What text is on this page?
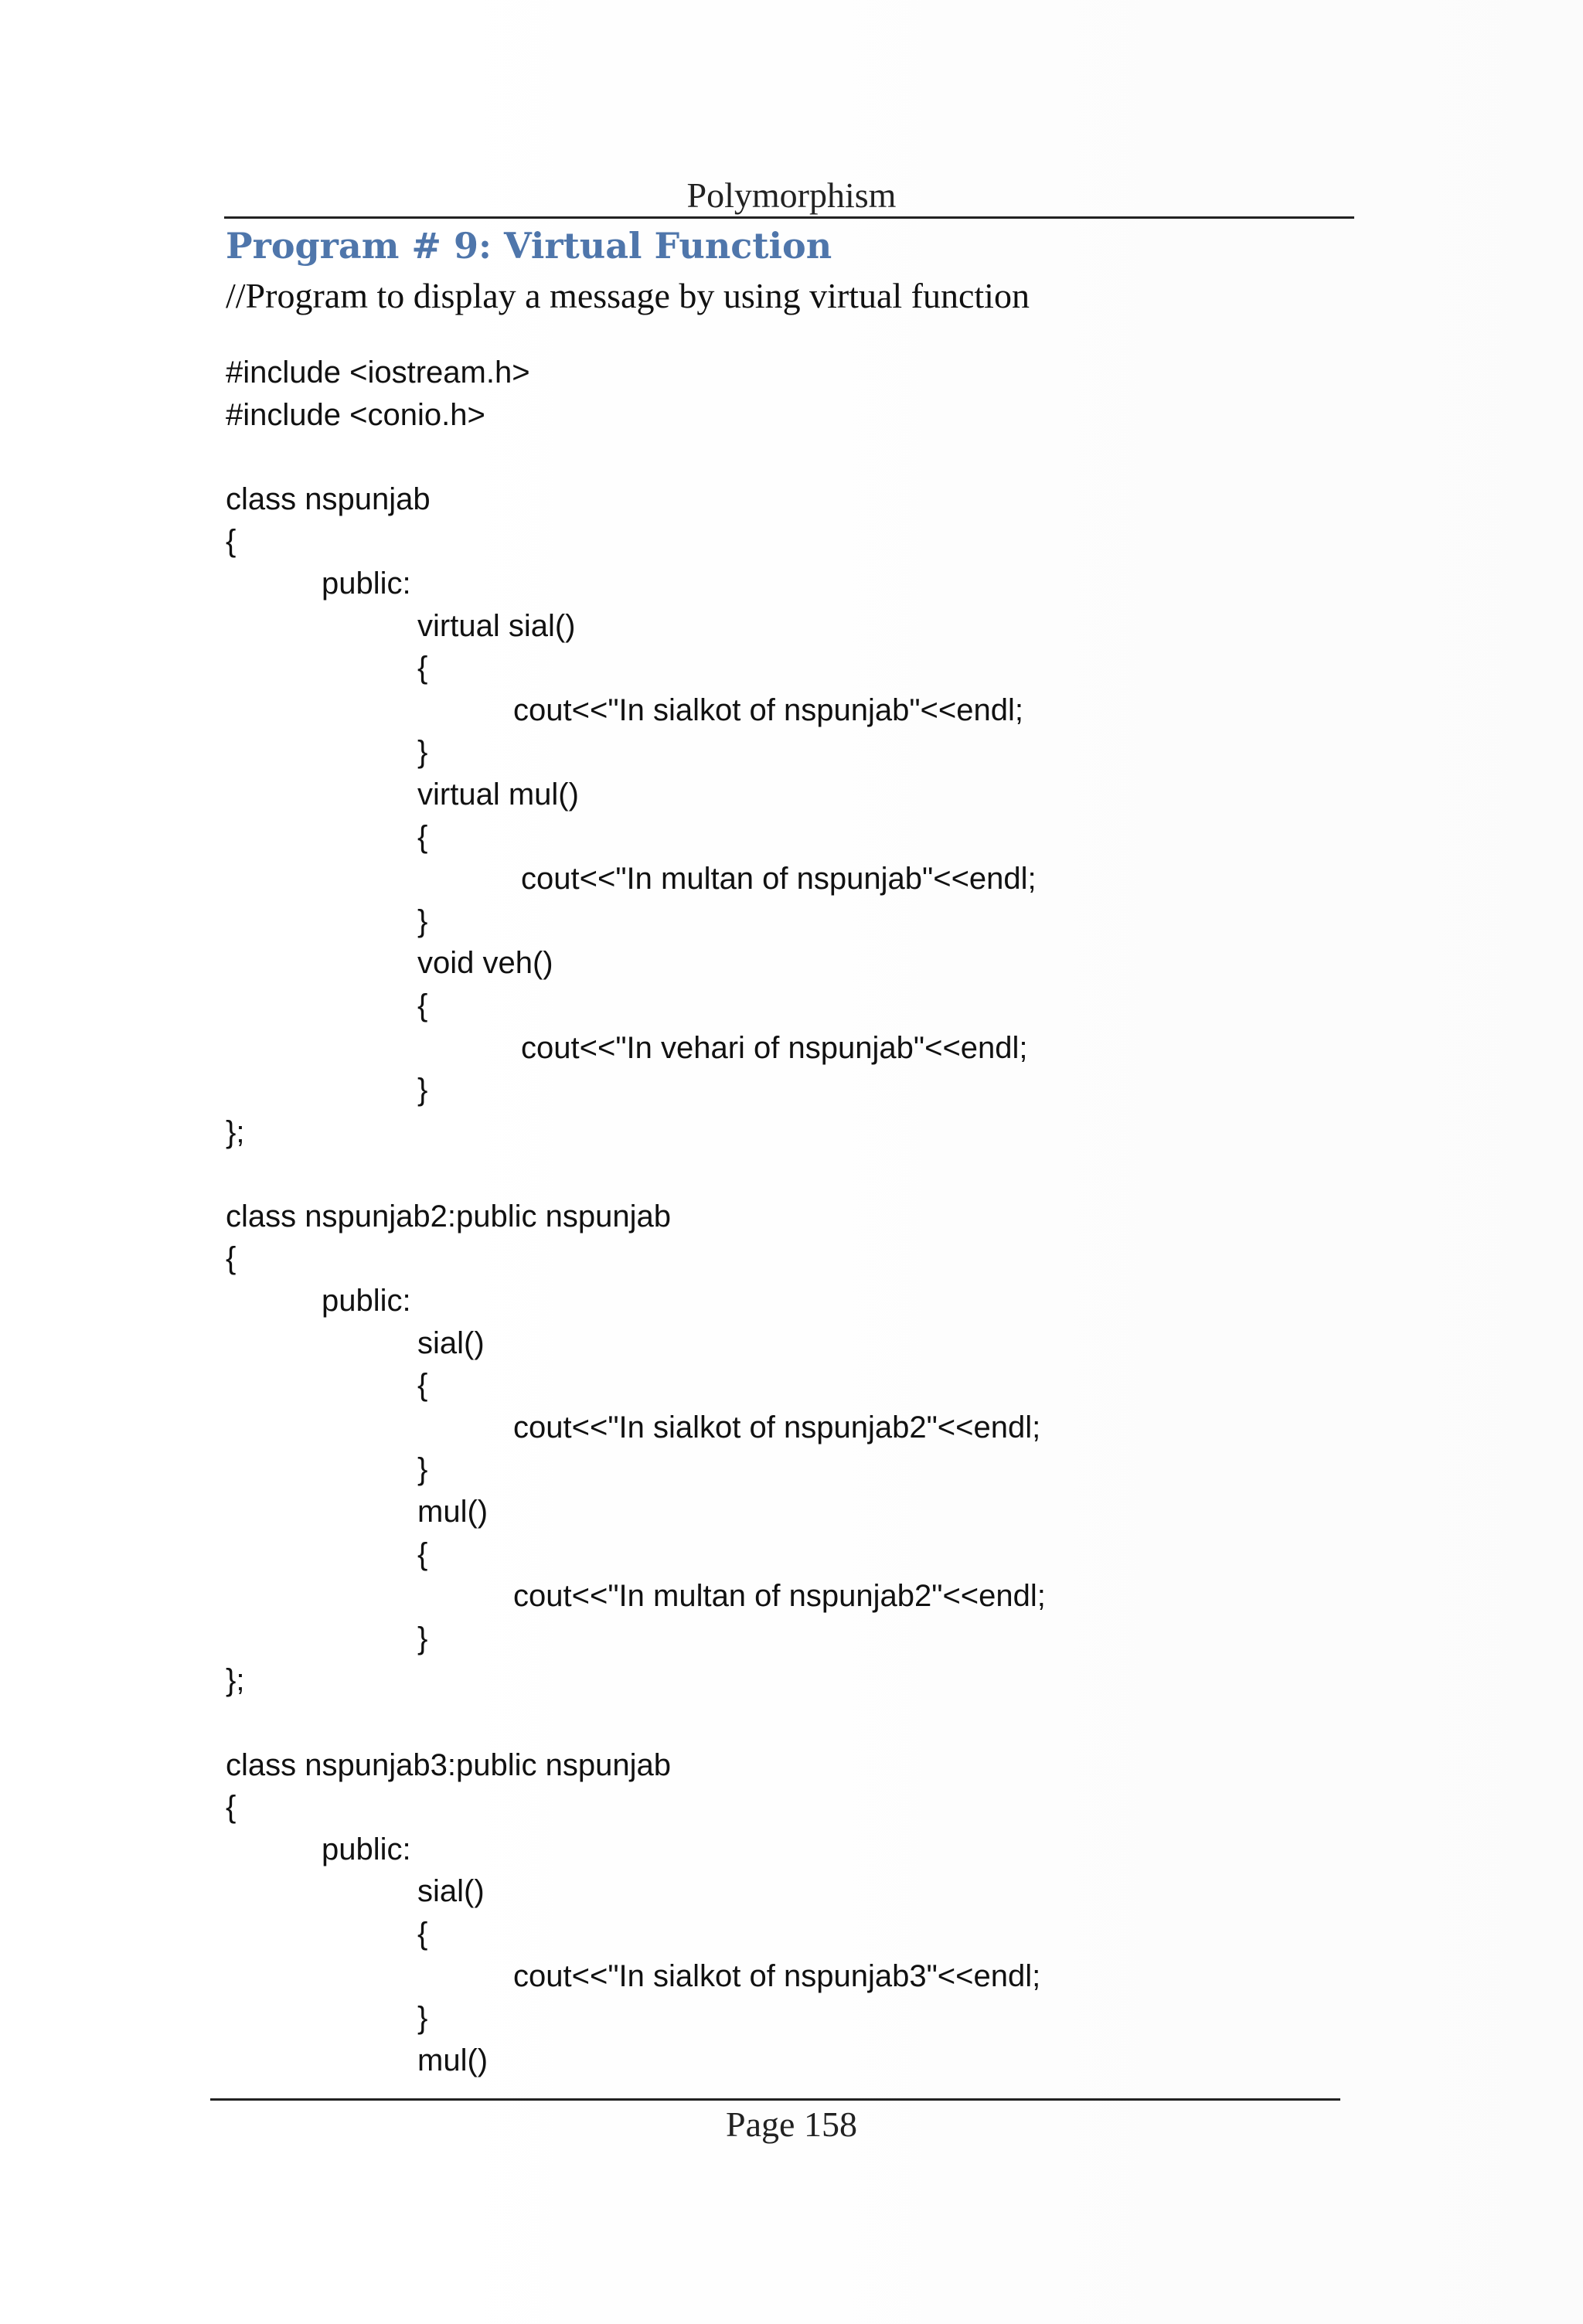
Polymorphism
Program # 9: Virtual Function
//Program to display a message by using virtual function
#include <iostream.h>
#include <conio.h>
class nspunjab
{
public:
virtual sial()
{
cout<<"In sialkot of nspunjab"<<endl;
}
virtual mul()
{
cout<<"In multan of nspunjab"<<endl;
}
void veh()
{
cout<<"In vehari of nspunjab"<<endl;
}
};
class nspunjab2:public nspunjab
{
public:
sial()
{
cout<<"In sialkot of nspunjab2"<<endl;
}
mul()
{
cout<<"In multan of nspunjab2"<<endl;
}
};
class nspunjab3:public nspunjab
{
public:
sial()
{
cout<<"In sialkot of nspunjab3"<<endl;
}
mul()
Page 158
